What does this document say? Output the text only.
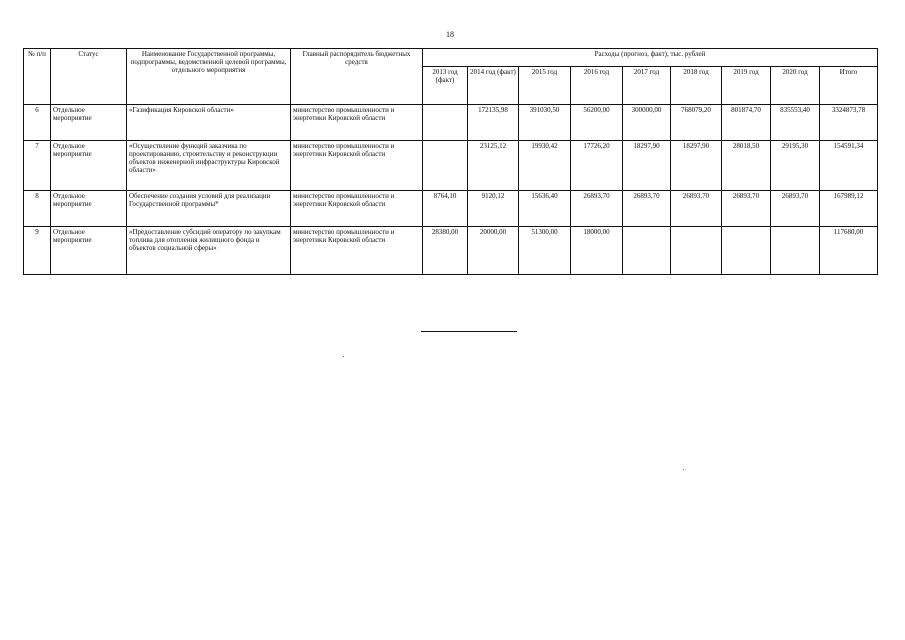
18
№ п/п	Статус	Наименование Государственной программы, подпрограммы, ведомственной целевой программы, отдельного мероприятия	Главный распорядитель бюджетных средств	Расходы (прогноз, факт), тыс. рублей								
				2013 год (факт)	2014 год (факт)	2015 год	2016 год	2017 год	2018 год	2019 год	2020 год	Итого
6	Отдельное мероприятие	«Газификация Кировской области»	министерство промышленности и энергетики Кировской области		172135,98	391030,50	56200,00	300000,00	768079,20	801874,70	835553,40	3324873,78
7	Отдельное мероприятие	«Осуществление функций заказчика по проектированию, строительству и реконструкции объектов инженерной инфраструктуры Кировской области»	министерство промышленности и энергетики Кировской области		23125,12	19930,42	17726,20	18297,90	18297,90	28018,50	29195,30	154591,34
8	Отдельное мероприятие	Обеспечение создания условий для реализации Государственной программы*	министерство промышленности и энергетики Кировской области	8764,10	9120,12	15636,40	26893,70	26893,70	26893,70	26893,70	26893,70	167989,12
9	Отдельное мероприятие	«Предоставление субсидий оператору по закупкам топлива для отопления жилищного фонда и объектов социальной сферы»	министерство промышленности и энергетики Кировской области	28380,00	20000,00	51300,00	18000,00					117680,00
